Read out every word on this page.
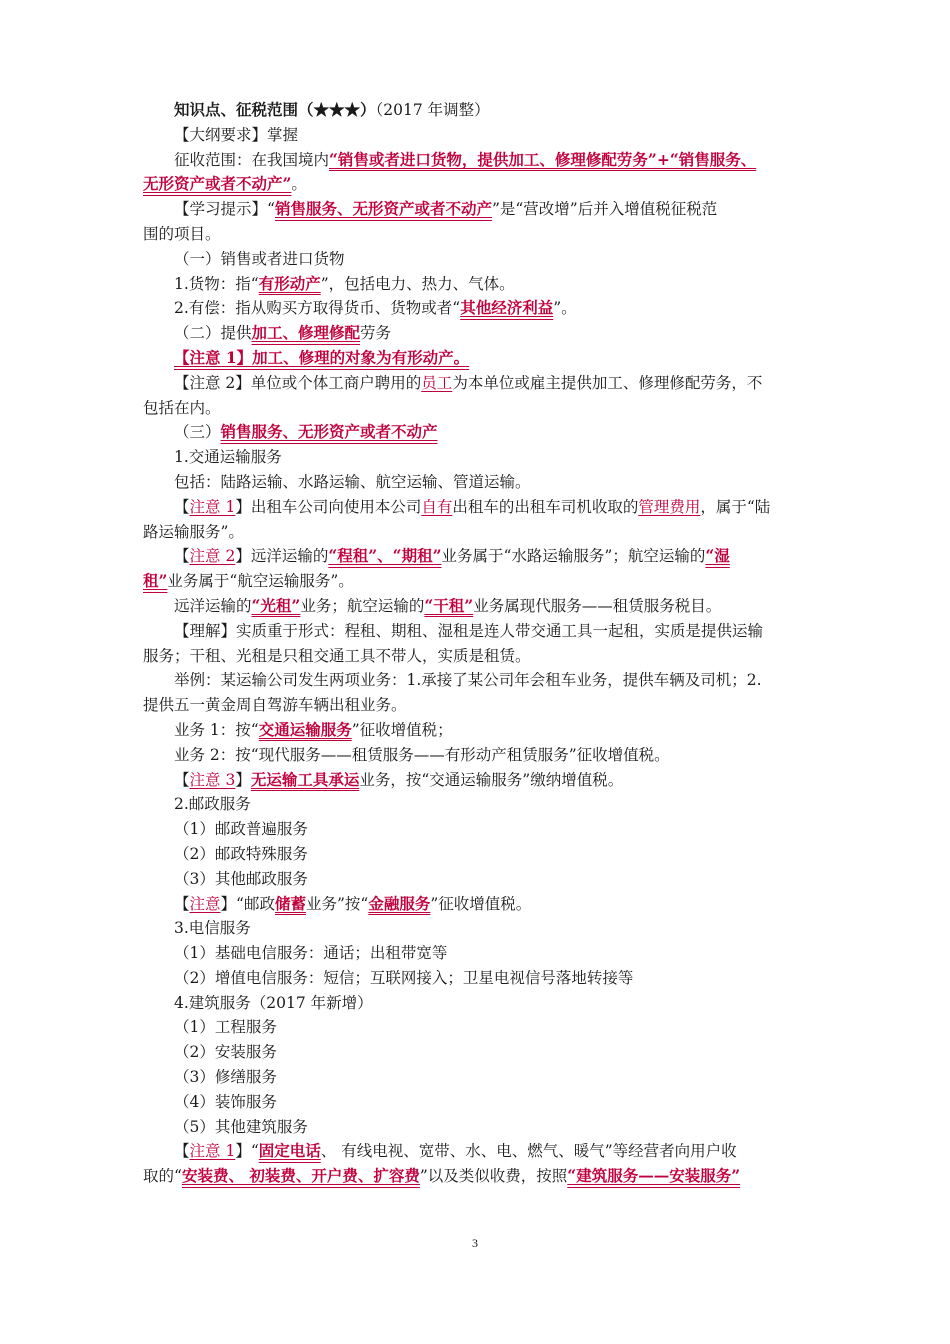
知识点、征税范围（★★★）（2017 年调整）
【大纲要求】掌握
征收范围：在我国境内“销售或者进口货物，提供加工、修理修配劳务”+“销售服务、
无形资产或者不动产”。
【学习提示】“销售服务、无形资产或者不动产”是“营改增”后并入增值税征税范
围的项目。
（一）销售或者进口货物
1.货物：指“有形动产”，包括电力、热力、气体。
2.有偿：指从购买方取得货币、货物或者“其他经济利益”。
（二）提供加工、修理修配劳务
【注意 1】加工、修理的对象为有形动产。
【注意 2】单位或个体工商户聘用的员工为本单位或雇主提供加工、修理修配劳务，不
包括在内。
（三）销售服务、无形资产或者不动产
1.交通运输服务
包括：陆路运输、水路运输、航空运输、管道运输。
【注意 1】出租车公司向使用本公司自有出租车的出租车司机收取的管理费用，属于“陆
路运输服务”。
【注意 2】远洋运输的“程租”、“期租”业务属于“水路运输服务”；航空运输的“湿
租”业务属于“航空运输服务”。
远洋运输的“光租”业务；航空运输的“干租”业务属现代服务——租赁服务税目。
【理解】实质重于形式：程租、期租、湿租是连人带交通工具一起租，实质是提供运输
服务；干租、光租是只租交通工具不带人，实质是租赁。
举例：某运输公司发生两项业务：1.承接了某公司年会租车业务，提供车辆及司机；2.
提供五一黄金周自驾游车辆出租业务。
业务 1：按“交通运输服务”征收增值税；
业务 2：按“现代服务——租赁服务——有形动产租赁服务”征收增值税。
【注意 3】无运输工具承运业务，按“交通运输服务”缴纳增值税。
2.邮政服务
（1）邮政普遍服务
（2）邮政特殊服务
（3）其他邮政服务
【注意】“邮政储蓄业务”按“金融服务”征收增值税。
3.电信服务
（1）基础电信服务：通话；出租带宽等
（2）增值电信服务：短信；互联网接入；卫星电视信号落地转接等
4.建筑服务（2017 年新增）
（1）工程服务
（2）安装服务
（3）修缮服务
（4）装饰服务
（5）其他建筑服务
【注意 1】“固定电话、 有线电视、宽带、水、电、燃气、暖气”等经营者向用户收
取的“安装费、 初装费、开户费、扩容费”以及类似收费，按照“建筑服务——安装服务”
3
